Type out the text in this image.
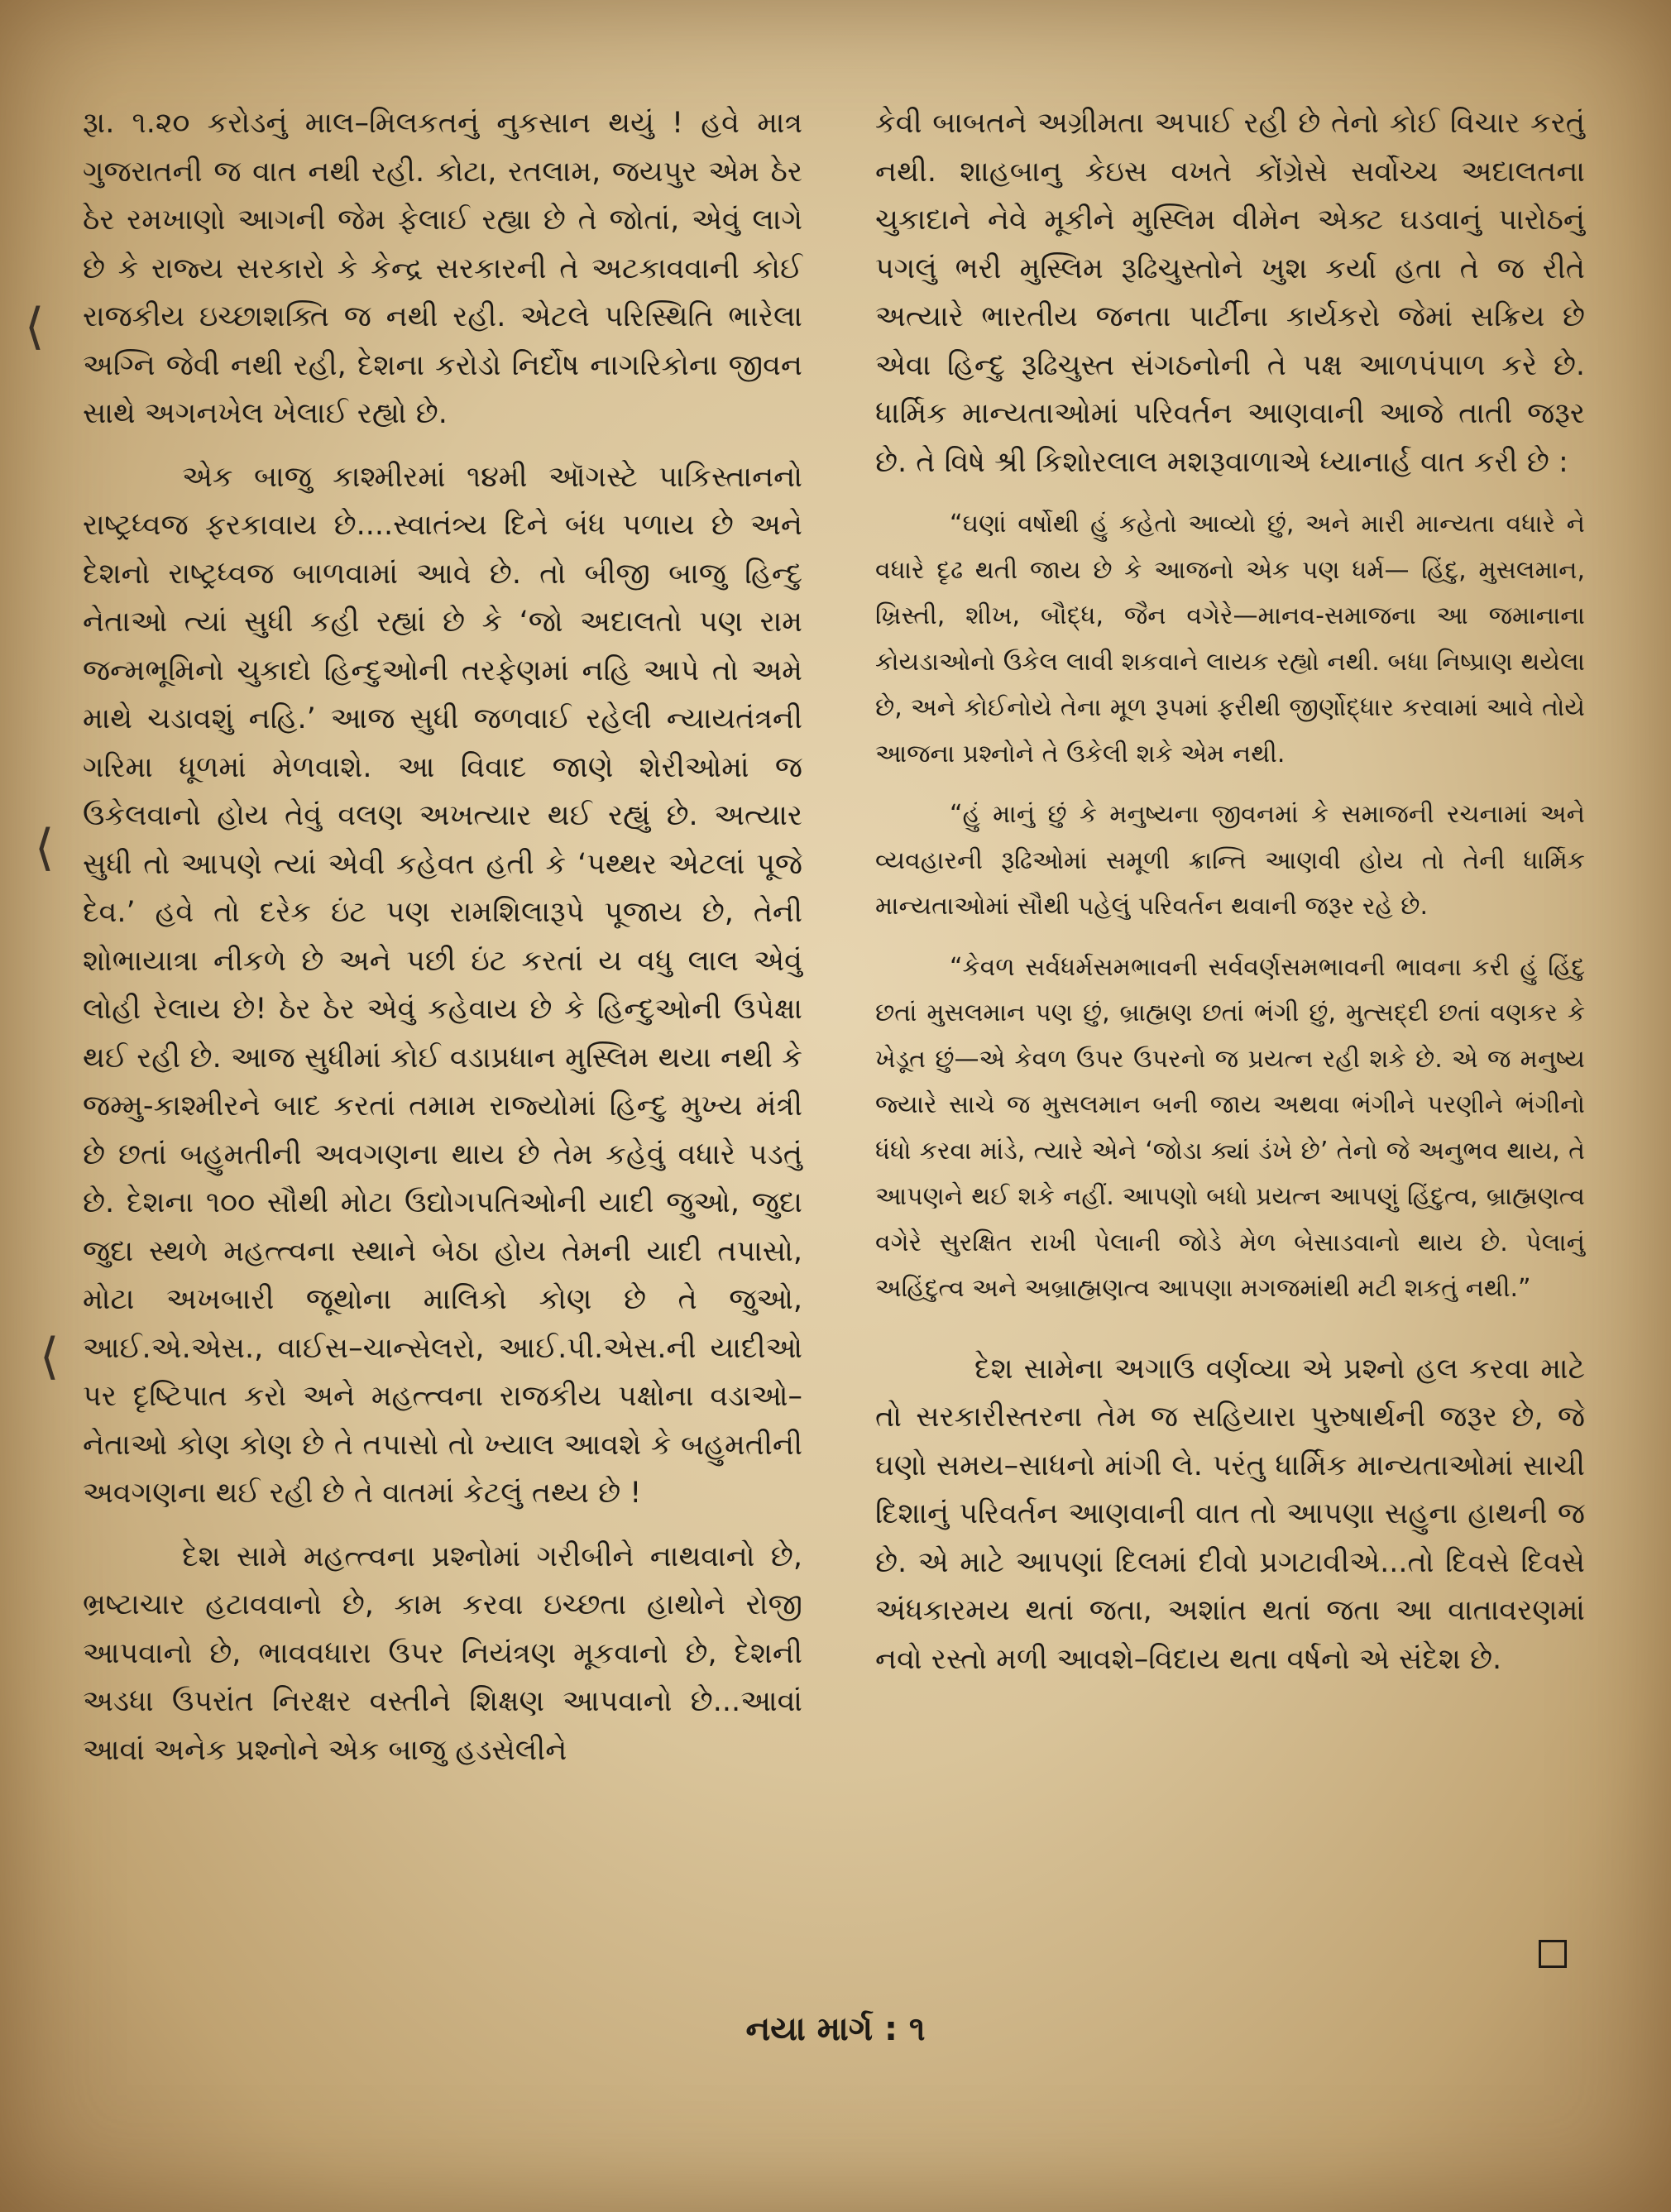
⟨
⟨
⟨

રૂા. ૧.૨૦ કરોડનું માલ–મિલકતનું નુકસાન થયું ! હવે માત્ર ગુજરાતની જ વાત નથી રહી. કોટા, રતલામ, જયપુર એમ ઠેર ઠેર રમખાણો આગની જેમ ફેલાઈ રહ્યા છે તે જોતાં, એવું લાગે છે કે રાજ્ય સરકારો કે કેન્દ્ર સરકારની તે અટકાવવાની કોઈ રાજકીય ઇચ્છાશક્તિ જ નથી રહી. એટલે પરિસ્થિતિ ભારેલા અગ્નિ જેવી નથી રહી, દેશના કરોડો નિર્દોષ નાગરિકોના જીવન સાથે અગનખેલ ખેલાઈ રહ્યો છે.

એક બાજુ કાશ્મીરમાં ૧૪મી ઑગસ્ટે પાકિસ્તાનનો રાષ્ટ્રધ્વજ ફરકાવાય છે....સ્વાતંત્ર્ય દિને બંધ પળાય છે અને દેશનો રાષ્ટ્રધ્વજ બાળવામાં આવે છે. તો બીજી બાજુ હિન્દુ નેતાઓ ત્યાં સુધી કહી રહ્યાં છે કે ‘જો અદાલતો પણ રામ જન્મભૂમિનો ચુકાદો હિન્દુઓની તરફેણમાં નહિ આપે તો અમે માથે ચડાવશું નહિ.’ આજ સુધી જળવાઈ રહેલી ન્યાયતંત્રની ગરિમા ધૂળમાં મેળવાશે. આ વિવાદ જાણે શેરીઓમાં જ ઉકેલવાનો હોય તેવું વલણ અખત્યાર થઈ રહ્યું છે. અત્યાર સુધી તો આપણે ત્યાં એવી કહેવત હતી કે ‘પથ્થર એટલાં પૂજે દેવ.’ હવે તો દરેક ઇંટ પણ રામશિલારૂપે પૂજાય છે, તેની શોભાયાત્રા નીકળે છે અને પછી ઇંટ કરતાં ય વધુ લાલ એવું લોહી રેલાય છે! ઠેર ઠેર એવું કહેવાય છે કે હિન્દુઓની ઉપેક્ષા થઈ રહી છે. આજ સુધીમાં કોઈ વડાપ્રધાન મુસ્લિમ થયા નથી કે જમ્મુ-કાશ્મીરને બાદ કરતાં તમામ રાજ્યોમાં હિન્દુ મુખ્ય મંત્રી છે છતાં બહુમતીની અવગણના થાય છે તેમ કહેવું વધારે પડતું છે. દેશના ૧૦૦ સૌથી મોટા ઉદ્યોગપતિઓની યાદી જુઓ, જુદા જુદા સ્થળે મહત્ત્વના સ્થાને બેઠા હોય તેમની યાદી તપાસો, મોટા અખબારી જૂથોના માલિકો કોણ છે તે જુઓ, આઈ.એ.એસ., વાઈસ–ચાન્સેલરો, આઈ.પી.એસ.ની યાદીઓ પર દૃષ્ટિપાત કરો અને મહત્ત્વના રાજકીય પક્ષોના વડાઓ–નેતાઓ કોણ કોણ છે તે તપાસો તો ખ્યાલ આવશે કે બહુમતીની અવગણના થઈ રહી છે તે વાતમાં કેટલું તથ્ય છે !

દેશ સામે મહત્ત્વના પ્રશ્નોમાં ગરીબીને નાથવાનો છે, ભ્રષ્ટાચાર હટાવવાનો છે, કામ કરવા ઇચ્છતા હાથોને રોજી આપવાનો છે, ભાવવધારા ઉપર નિયંત્રણ મૂકવાનો છે, દેશની અડધા ઉપરાંત નિરક્ષર વસ્તીને શિક્ષણ આપવાનો છે...આવાં આવાં અનેક પ્રશ્નોને એક બાજુ હડસેલીને

કેવી બાબતને અગ્રીમતા અપાઈ રહી છે તેનો કોઈ વિચાર કરતું નથી. શાહબાનુ કેઇસ વખતે કોંગ્રેસે સર્વોચ્ચ અદાલતના ચુકાદાને નેવે મૂકીને મુસ્લિમ વીમેન એક્ટ ઘડવાનું પારોઠનું પગલું ભરી મુસ્લિમ રૂઢિચુસ્તોને ખુશ કર્યા હતા તે જ રીતે અત્યારે ભારતીય જનતા પાર્ટીના કાર્યકરો જેમાં સક્રિય છે એવા હિન્દુ રૂઢિચુસ્ત સંગઠનોની તે પક્ષ આળપંપાળ કરે છે. ધાર્મિક માન્યતાઓમાં પરિવર્તન આણવાની આજે તાતી જરૂર છે. તે વિષે શ્રી કિશોરલાલ મશરૂવાળાએ ધ્યાનાર્હ વાત કરી છે :

“ઘણાં વર્ષોથી હું કહેતો આવ્યો છું, અને મારી માન્યતા વધારે ને વધારે દૃઢ થતી જાય છે કે આજનો એક પણ ધર્મ— હિંદુ, મુસલમાન, ખ્રિસ્તી, શીખ, બૌદ્ધ, જૈન વગેરે—માનવ-સમાજના આ જમાનાના કોયડાઓનો ઉકેલ લાવી શકવાને લાયક રહ્યો નથી. બધા નિષ્પ્રાણ થયેલા છે, અને કોઈનોયે તેના મૂળ રૂપમાં ફરીથી જીર્ણોદ્ધાર કરવામાં આવે તોયે આજના પ્રશ્નોને તે ઉકેલી શકે એમ નથી.

“હું માનું છું કે મનુષ્યના જીવનમાં કે સમાજની રચનામાં અને વ્યવહારની રૂઢિઓમાં સમૂળી ક્રાન્તિ આણવી હોય તો તેની ધાર્મિક માન્યતાઓમાં સૌથી પહેલું પરિવર્તન થવાની જરૂર રહે છે.

“કેવળ સર્વધર્મસમભાવની સર્વવર્ણસમભાવની ભાવના કરી હું હિંદુ છતાં મુસલમાન પણ છું, બ્રાહ્મણ છતાં ભંગી છું, મુત્સદ્દી છતાં વણકર કે ખેડૂત છું—એ કેવળ ઉપર ઉપરનો જ પ્રયત્ન રહી શકે છે. એ જ મનુષ્ય જ્યારે સાચે જ મુસલમાન બની જાય અથવા ભંગીને પરણીને ભંગીનો ધંધો કરવા માંડે, ત્યારે એને ‘જોડા ક્યાં ડંખે છે’ તેનો જે અનુભવ થાય, તે આપણને થઈ શકે નહીં. આપણો બધો પ્રયત્ન આપણું હિંદુત્વ, બ્રાહ્મણત્વ વગેરે સુરક્ષિત રાખી પેલાની જોડે મેળ બેસાડવાનો થાય છે. પેલાનું અહિંદુત્વ અને અબ્રાહ્મણત્વ આપણા મગજમાંથી મટી શકતું નથી.”

દેશ સામેના અગાઉ વર્ણવ્યા એ પ્રશ્નો હલ કરવા માટે તો સરકારીસ્તરના તેમ જ સહિયારા પુરુષાર્થની જરૂર છે, જે ઘણો સમય–સાધનો માંગી લે. પરંતુ ધાર્મિક માન્યતાઓમાં સાચી દિશાનું પરિવર્તન આણવાની વાત તો આપણા સહુના હાથની જ છે. એ માટે આપણાં દિલમાં દીવો પ્રગટાવીએ...તો દિવસે દિવસે અંધકારમય થતાં જતા, અશાંત થતાં જતા આ વાતાવરણમાં નવો રસ્તો મળી આવશે–વિદાય થતા વર્ષનો એ સંદેશ છે.

નયા માર્ગ : ૧
